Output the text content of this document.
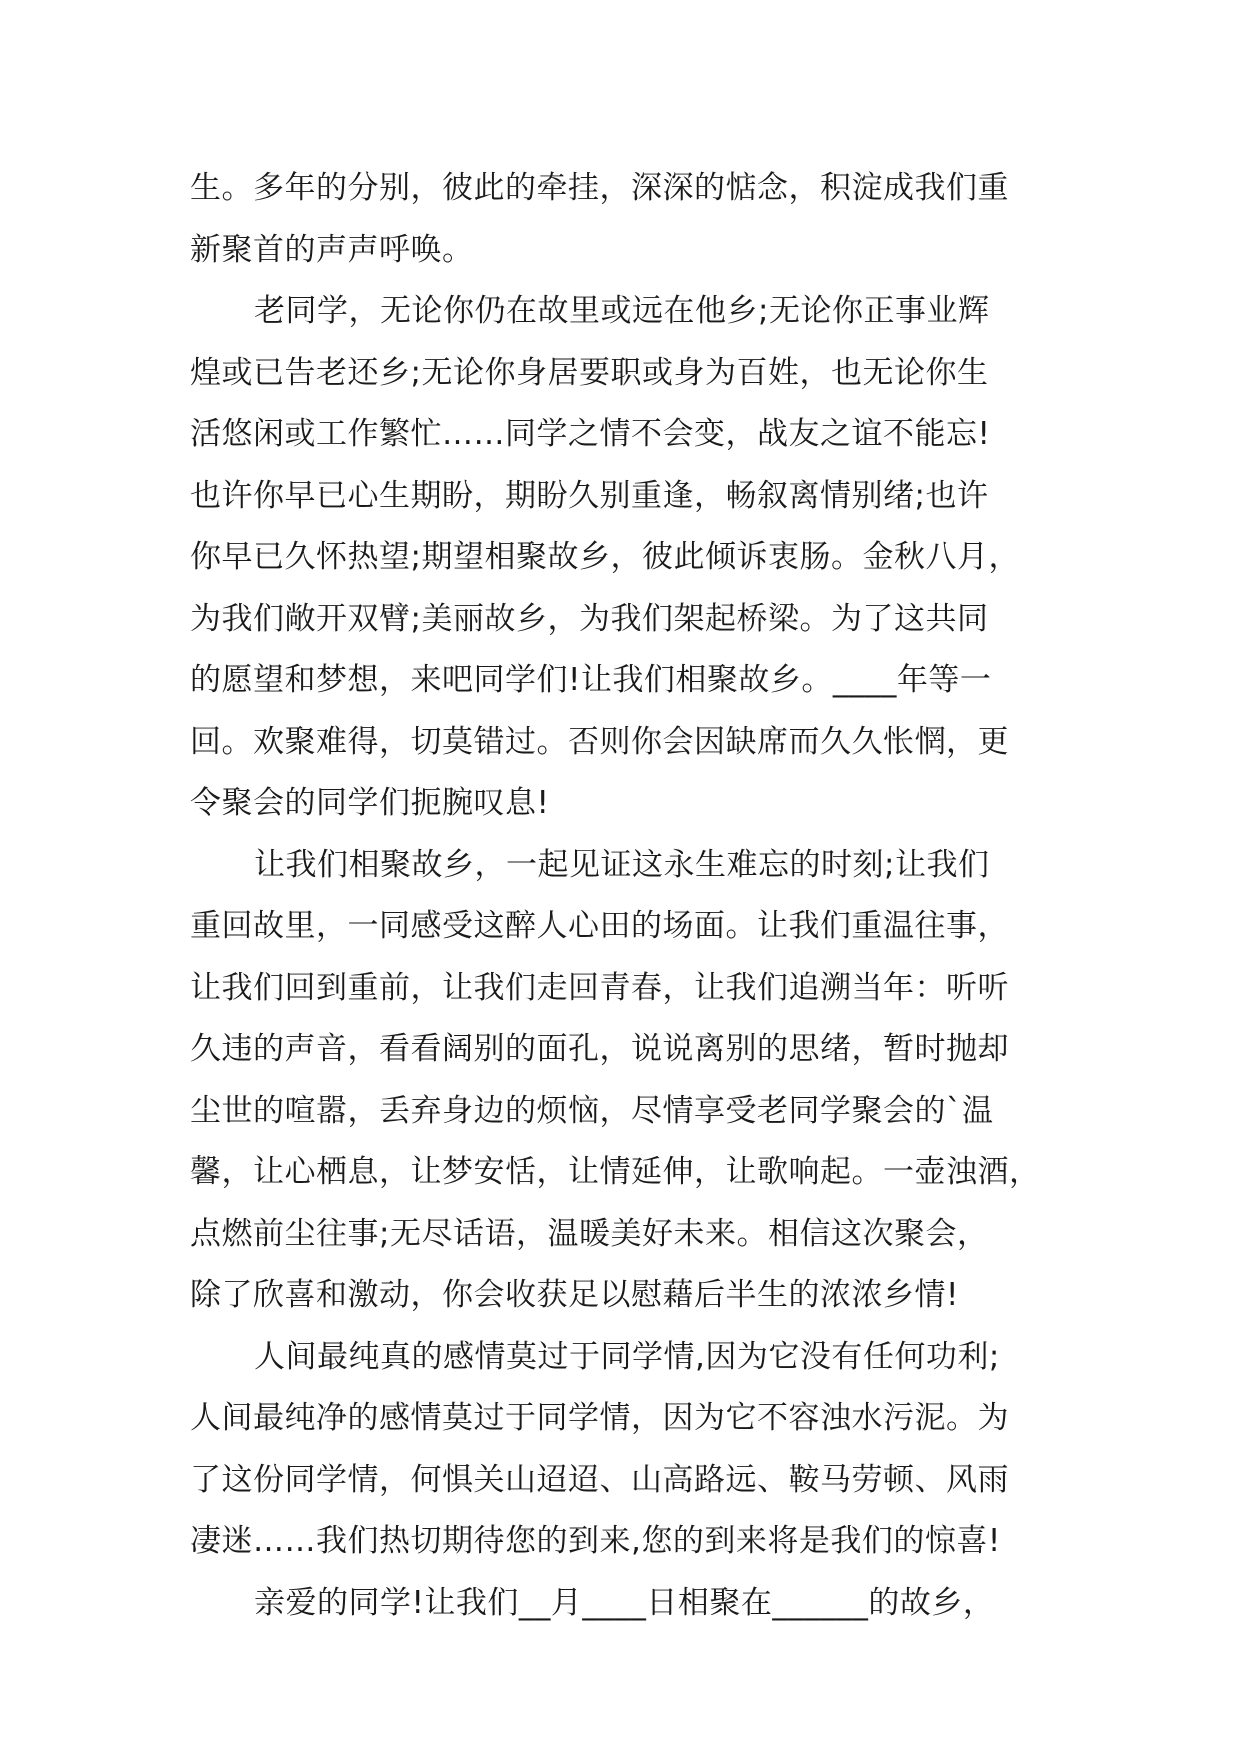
生。多年的分别，彼此的牵挂，深深的惦念，积淀成我们重
新聚首的声声呼唤。
老同学，无论你仍在故里或远在他乡;无论你正事业辉
煌或已告老还乡;无论你身居要职或身为百姓，也无论你生
活悠闲或工作繁忙……同学之情不会变，战友之谊不能忘!
也许你早已心生期盼，期盼久别重逢，畅叙离情别绪;也许
你早已久怀热望;期望相聚故乡，彼此倾诉衷肠。金秋八月，
为我们敞开双臂;美丽故乡，为我们架起桥梁。为了这共同
的愿望和梦想，来吧同学们!让我们相聚故乡。____年等一
回。欢聚难得，切莫错过。否则你会因缺席而久久怅惘，更
令聚会的同学们扼腕叹息!
让我们相聚故乡，一起见证这永生难忘的时刻;让我们
重回故里，一同感受这醉人心田的场面。让我们重温往事，
让我们回到重前，让我们走回青春，让我们追溯当年：听听
久违的声音，看看阔别的面孔，说说离别的思绪，暂时抛却
尘世的喧嚣，丢弃身边的烦恼，尽情享受老同学聚会的`温
馨，让心栖息，让梦安恬，让情延伸，让歌响起。一壶浊酒，
点燃前尘往事;无尽话语，温暖美好未来。相信这次聚会，
除了欣喜和激动，你会收获足以慰藉后半生的浓浓乡情!
人间最纯真的感情莫过于同学情,因为它没有任何功利;
人间最纯净的感情莫过于同学情，因为它不容浊水污泥。为
了这份同学情，何惧关山迢迢、山高路远、鞍马劳顿、风雨
凄迷……我们热切期待您的到来,您的到来将是我们的惊喜!
亲爱的同学!让我们__月____日相聚在______的故乡，
